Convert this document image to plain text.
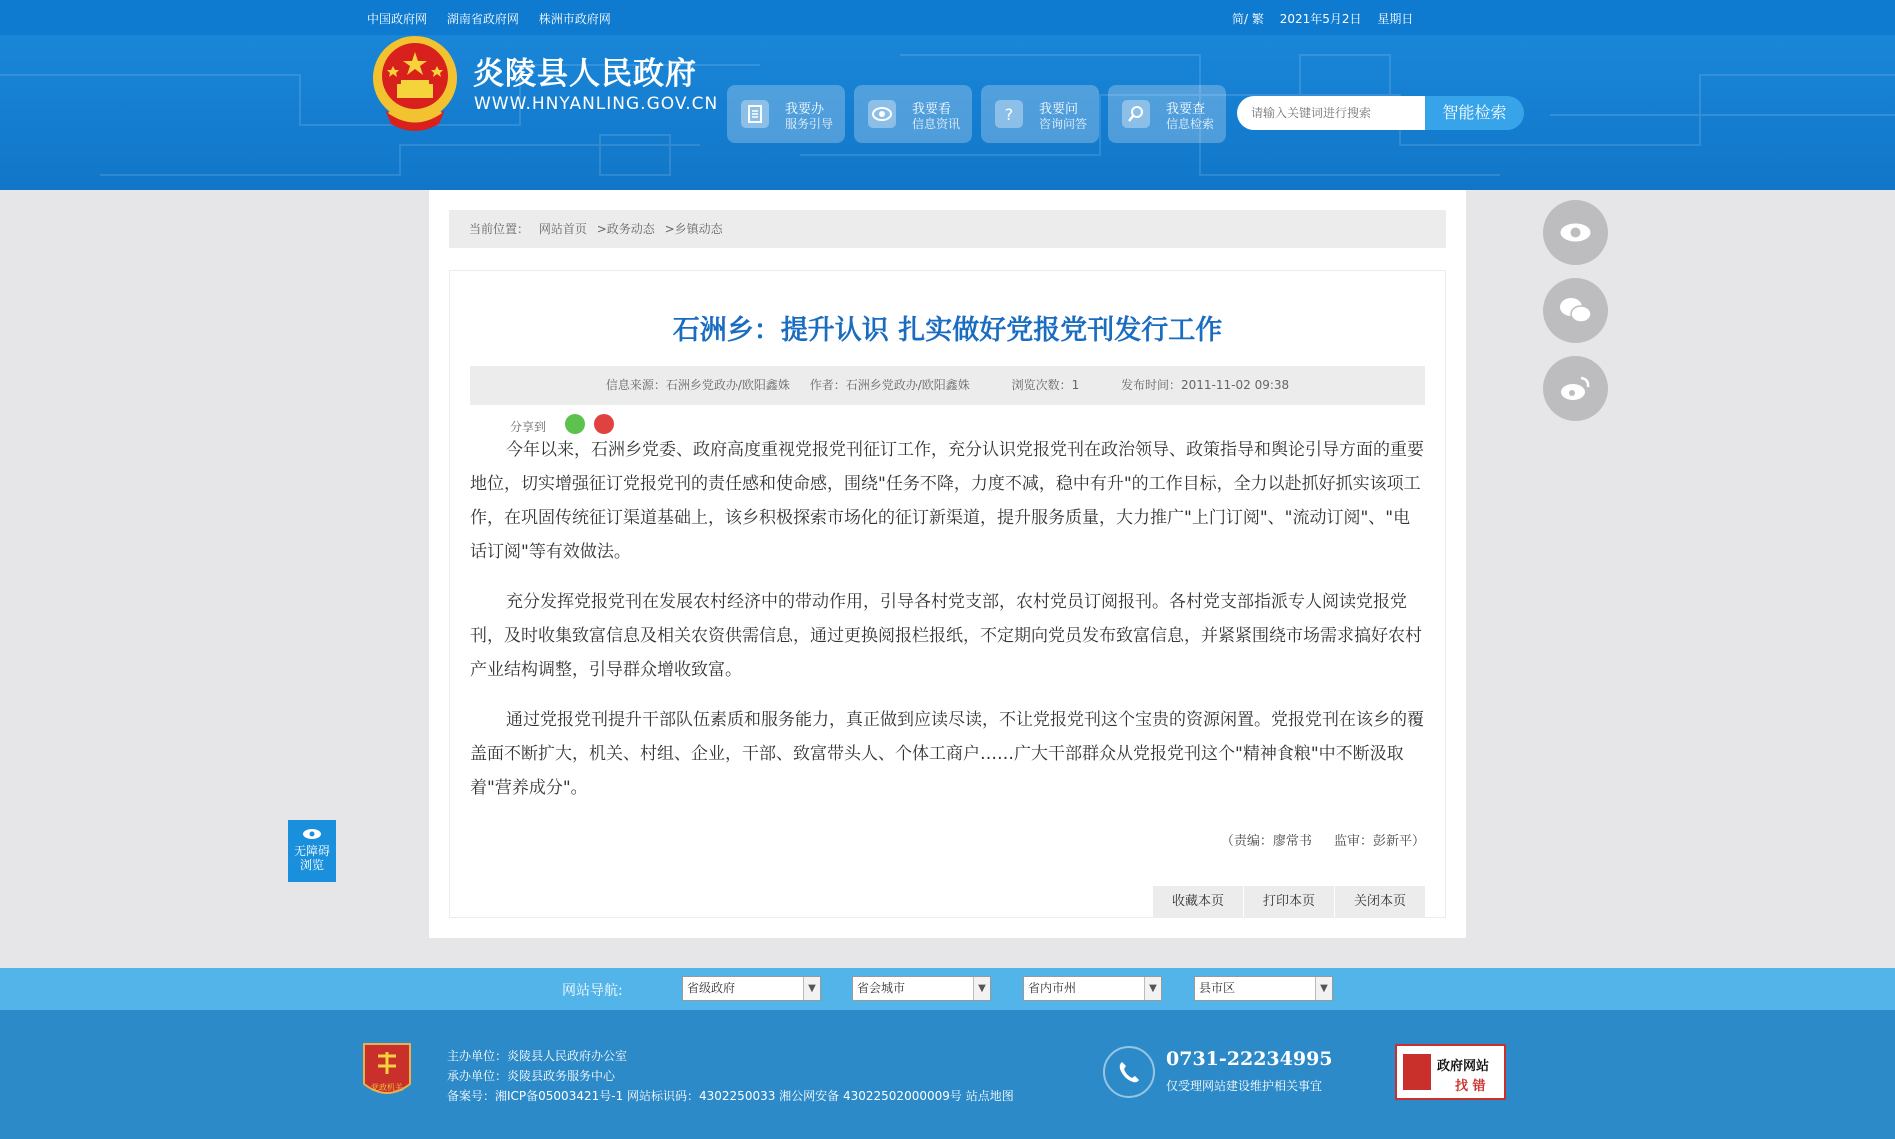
中国政府网 湖南省政府网 株洲市政府网	简/ 繁 2021年5月2日 星期日
炎陵县人民政府
WWW.HNYANLING.GOV.CN	我要办
服务引导
我要看
信息资讯	? 我要问
咨询问答
我要查
信息检索
请输入关键词进行搜索
智能检索
当前位置： 网站首页 >政务动态 >乡镇动态
石洲乡：提升认识 扎实做好党报党刊发行工作
信息来源：石洲乡党政办/欧阳鑫姝 作者：石洲乡党政办/欧阳鑫姝	浏览次数：1	发布时间：2011-11-02 09:38
分享到

今年以来，石洲乡党委、政府高度重视党报党刊征订工作，充分认识党报党刊在政治领导、政策指导和舆论引导方面的重要地位，切实增强征订党报党刊的责任感和使命感，围绕"任务不降，力度不减，稳中有升"的工作目标，全力以赴抓好抓实该项工作，在巩固传统征订渠道基础上，该乡积极探索市场化的征订新渠道，提升服务质量，大力推广"上门订阅"、"流动订阅"、"电话订阅"等有效做法。

充分发挥党报党刊在发展农村经济中的带动作用，引导各村党支部，农村党员订阅报刊。各村党支部指派专人阅读党报党刊，及时收集致富信息及相关农资供需信息，通过更换阅报栏报纸，不定期向党员发布致富信息，并紧紧围绕市场需求搞好农村产业结构调整，引导群众增收致富。

通过党报党刊提升干部队伍素质和服务能力，真正做到应读尽读，不让党报党刊这个宝贵的资源闲置。党报党刊在该乡的覆盖面不断扩大，机关、村组、企业，干部、致富带头人、个体工商户……广大干部群众从党报党刊这个"精神食粮"中不断汲取着"营养成分"。

（责编：廖常书 监审：彭新平）
收藏本页	打印本页	关闭本页
无障碍
浏览
网站导航:	省级政府	▼	省会城市	▼	省内市州	▼	县市区	▼
党政机关
主办单位：炎陵县人民政府办公室
承办单位：炎陵县政务服务中心
备案号：湘ICP备05003421号-1 网站标识码：4302250033 湘公网安备 43022502000009号 站点地图
0731-22234995
仅受理网站建设维护相关事宜
政府网站
找 错
